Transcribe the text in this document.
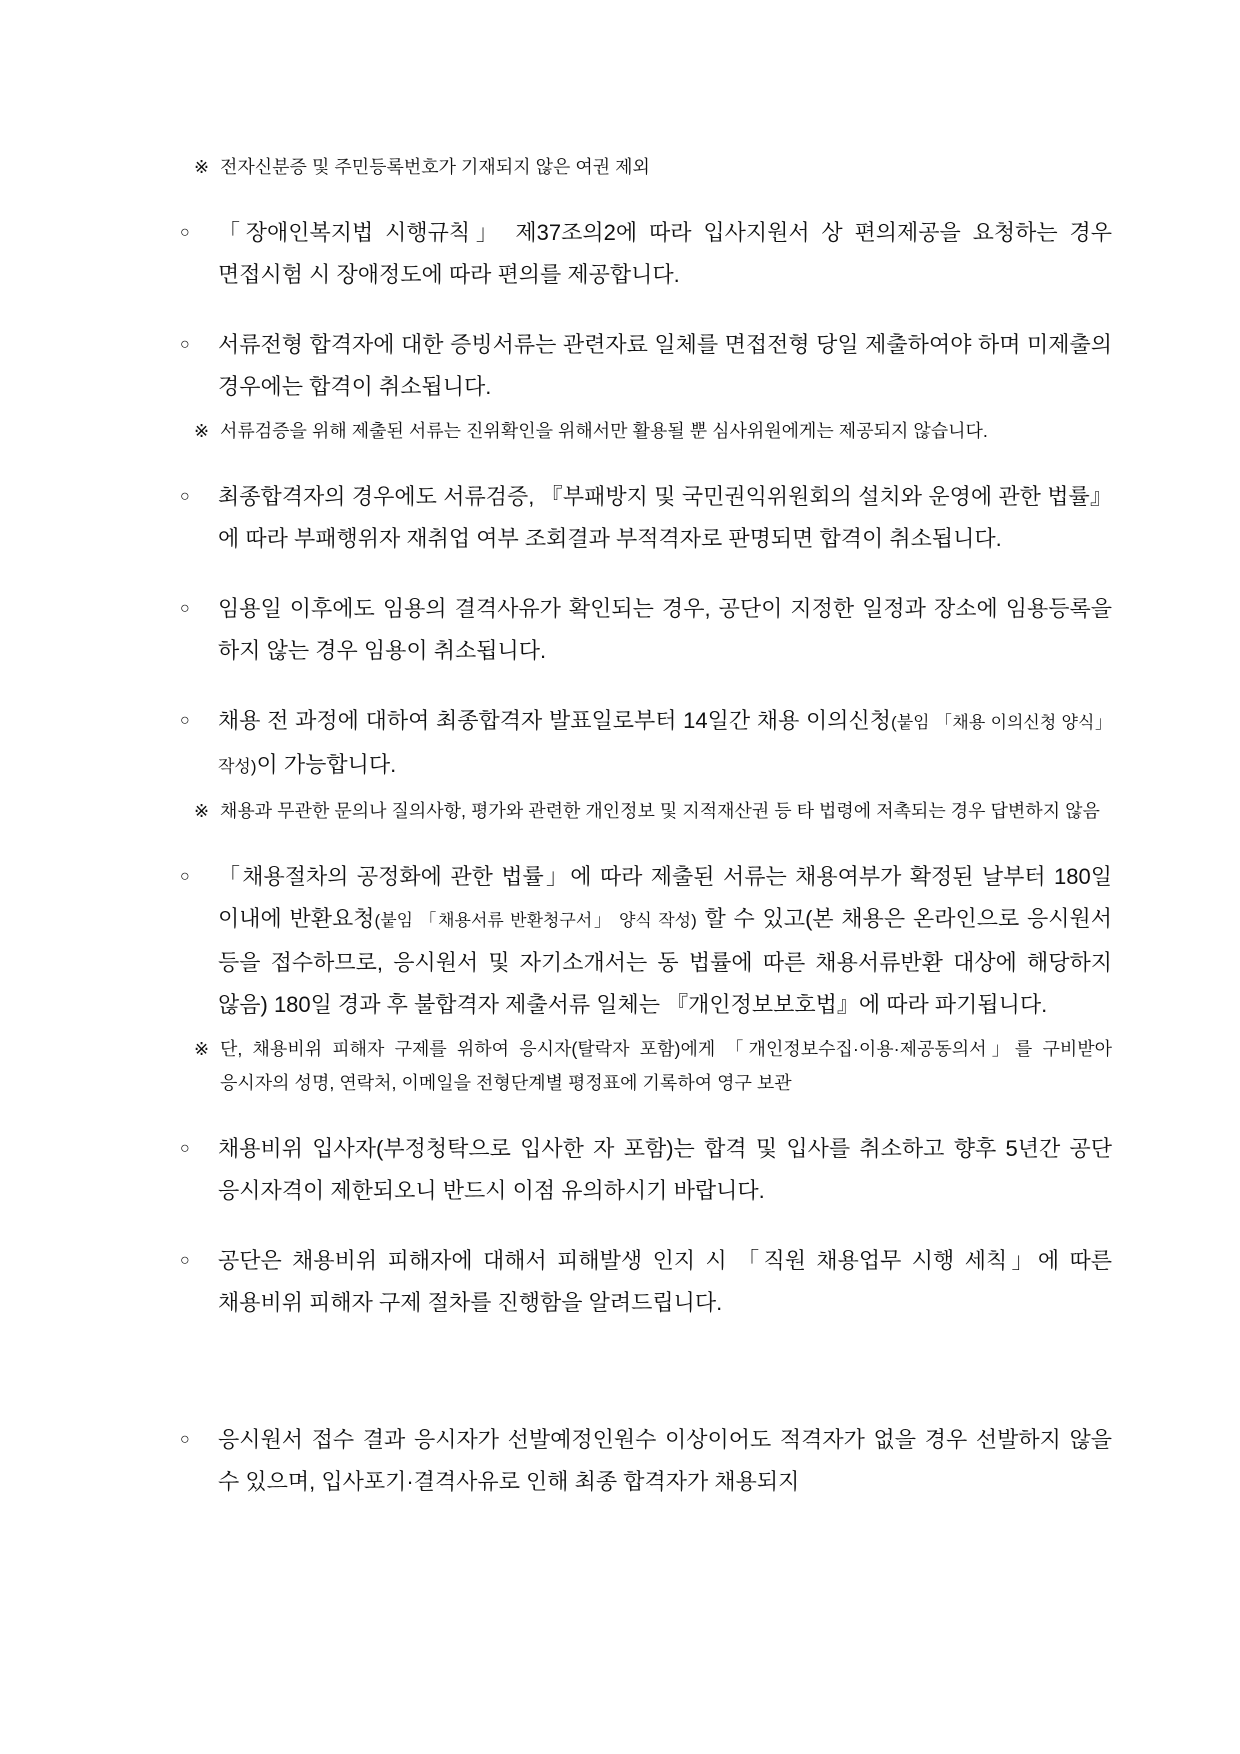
※ 전자신분증 및 주민등록번호가 기재되지 않은 여권 제외
○	「장애인복지법 시행규칙」 제37조의2에 따라 입사지원서 상 편의제공을 요청하는 경우 면접시험 시 장애정도에 따라 편의를 제공합니다.
○	서류전형 합격자에 대한 증빙서류는 관련자료 일체를 면접전형 당일 제출하여야 하며 미제출의 경우에는 합격이 취소됩니다.
※ 서류검증을 위해 제출된 서류는 진위확인을 위해서만 활용될 뿐 심사위원에게는 제공되지 않습니다.
○	최종합격자의 경우에도 서류검증, 『부패방지 및 국민권익위원회의 설치와 운영에 관한 법률』에 따라 부패행위자 재취업 여부 조회결과 부적격자로 판명되면 합격이 취소됩니다.
○	임용일 이후에도 임용의 결격사유가 확인되는 경우, 공단이 지정한 일정과 장소에 임용등록을 하지 않는 경우 임용이 취소됩니다.
○	채용 전 과정에 대하여 최종합격자 발표일로부터 14일간 채용 이의신청(붙임 「채용 이의신청 양식」 작성)이 가능합니다.
※ 채용과 무관한 문의나 질의사항, 평가와 관련한 개인정보 및 지적재산권 등 타 법령에 저촉되는 경우 답변하지 않음
○	「채용절차의 공정화에 관한 법률」에 따라 제출된 서류는 채용여부가 확정된 날부터 180일 이내에 반환요청(붙임 「채용서류 반환청구서」 양식 작성) 할 수 있고(본 채용은 온라인으로 응시원서 등을 접수하므로, 응시원서 및 자기소개서는 동 법률에 따른 채용서류반환 대상에 해당하지 않음) 180일 경과 후 불합격자 제출서류 일체는 『개인정보보호법』에 따라 파기됩니다.
※ 단, 채용비위 피해자 구제를 위하여 응시자(탈락자 포함)에게 「개인정보수집·이용·제공동의서」를 구비받아 응시자의 성명, 연락처, 이메일을 전형단계별 평정표에 기록하여 영구 보관
○	채용비위 입사자(부정청탁으로 입사한 자 포함)는 합격 및 입사를 취소하고 향후 5년간 공단 응시자격이 제한되오니 반드시 이점 유의하시기 바랍니다.
○	공단은 채용비위 피해자에 대해서 피해발생 인지 시 「직원 채용업무 시행 세칙」에 따른 채용비위 피해자 구제 절차를 진행함을 알려드립니다.
○	응시원서 접수 결과 응시자가 선발예정인원수 이상이어도 적격자가 없을 경우 선발하지 않을 수 있으며, 입사포기·결격사유로 인해 최종 합격자가 채용되지
